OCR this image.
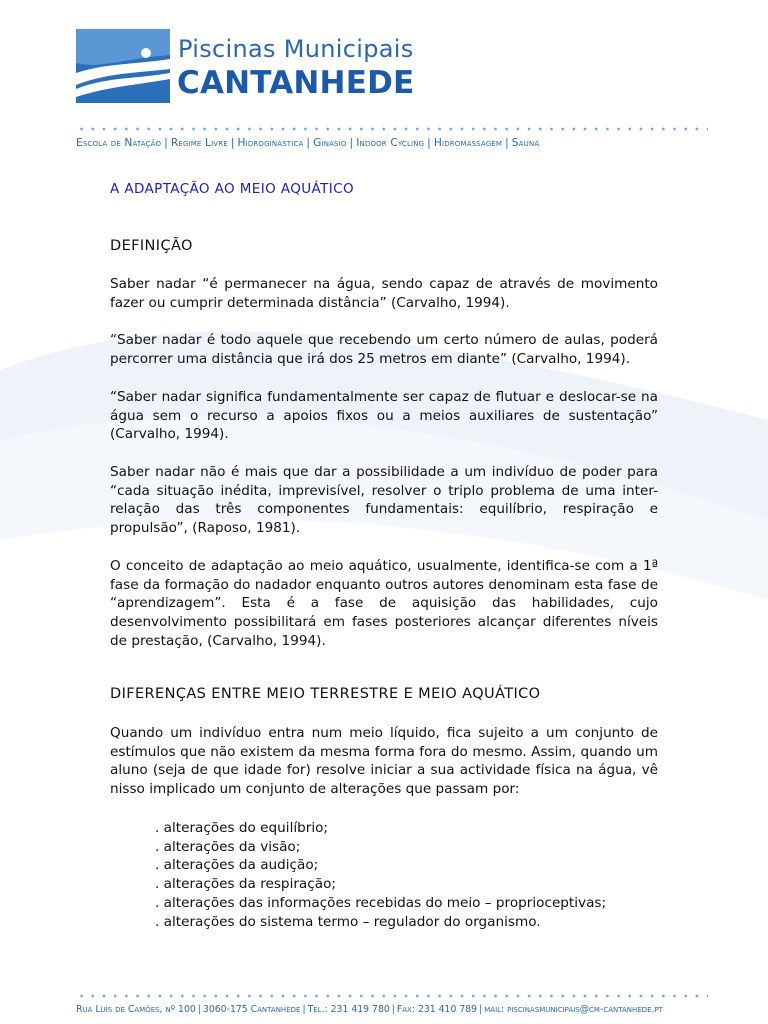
Piscinas Municipais
CANTANHEDE
Escola de Natação | Regime Livre | Hidroginástica | Ginásio | Indoor Cycling | Hidromassagem | Sauna
A ADAPTAÇÃO AO MEIO AQUÁTICO
DEFINIÇÃO
Saber nadar “é permanecer na água, sendo capaz de através de movimento fazer ou cumprir determinada distância” (Carvalho, 1994).
“Saber nadar é todo aquele que recebendo um certo número de aulas, poderá percorrer uma distância que irá dos 25 metros em diante” (Carvalho, 1994).
“Saber nadar significa fundamentalmente ser capaz de flutuar e deslocar-se na água sem o recurso a apoios fixos ou a meios auxiliares de sustentação” (Carvalho, 1994).
Saber nadar não é mais que dar a possibilidade a um indivíduo de poder para “cada situação inédita, imprevisível, resolver o triplo problema de uma inter-relação das três componentes fundamentais: equilíbrio, respiração e propulsão”, (Raposo, 1981).
O conceito de adaptação ao meio aquático, usualmente, identifica-se com a 1ª fase da formação do nadador enquanto outros autores denominam esta fase de “aprendizagem”. Esta é a fase de aquisição das habilidades, cujo desenvolvimento possibilitará em fases posteriores alcançar diferentes níveis de prestação, (Carvalho, 1994).
DIFERENÇAS ENTRE MEIO TERRESTRE E MEIO AQUÁTICO
Quando um indivíduo entra num meio líquido, fica sujeito a um conjunto de estímulos que não existem da mesma forma fora do mesmo. Assim, quando um aluno (seja de que idade for) resolve iniciar a sua actividade física na água, vê nisso implicado um conjunto de alterações que passam por:
. alterações do equilíbrio;
. alterações da visão;
. alterações da audição;
. alterações da respiração;
. alterações das informações recebidas do meio – proprioceptivas;
. alterações do sistema termo – regulador do organismo.
Rua Luís de Camões, nº 100 | 3060-175 Cantanhede | Tel.: 231 419 780 | Fax: 231 410 789 | mail: piscinasmunicipais@cm-cantanhede.pt
